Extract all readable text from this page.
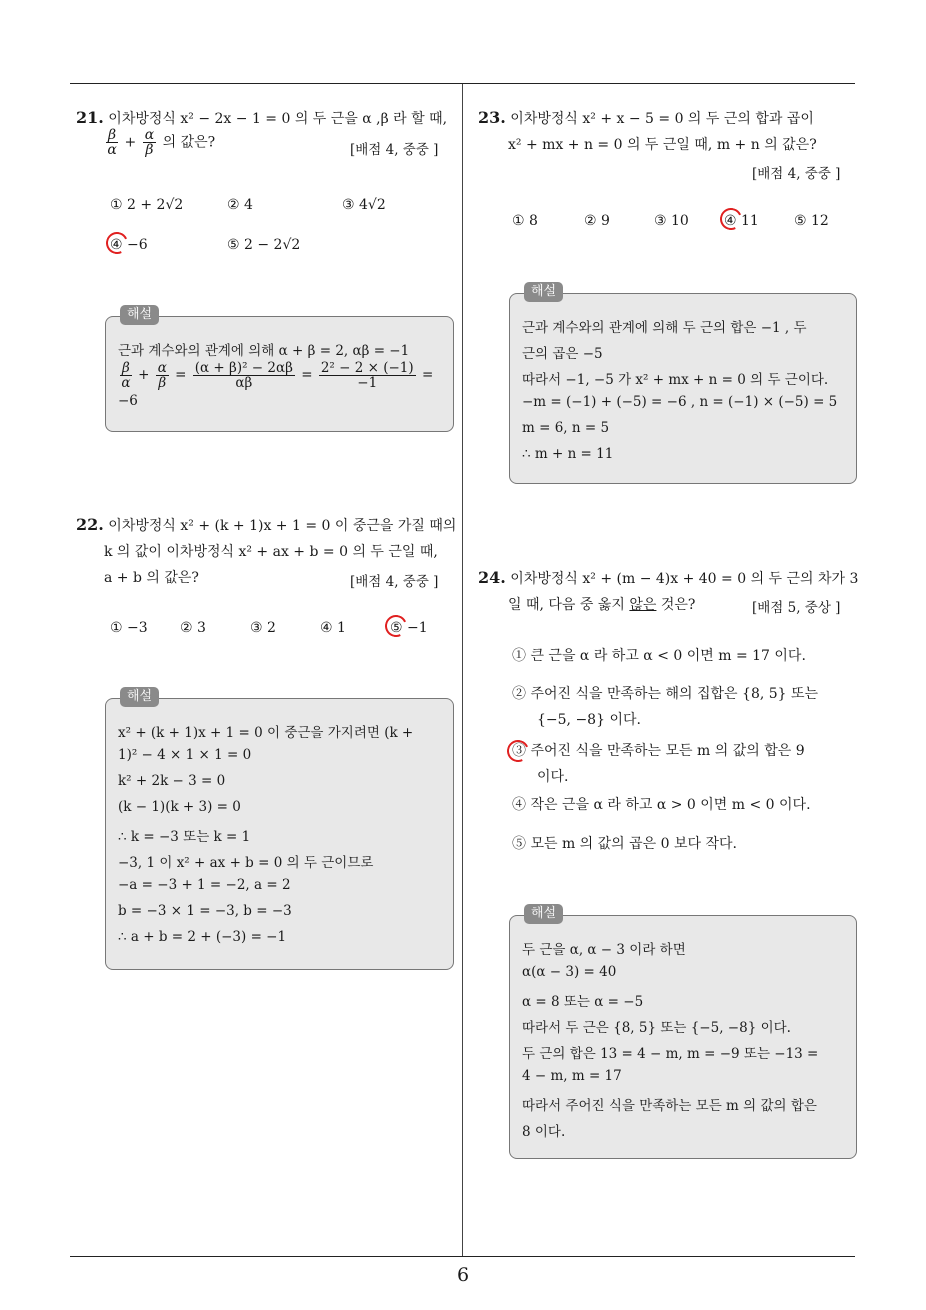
21. 이차방정식 x² − 2x − 1 = 0 의 두 근을 α ,β 라 할 때,
$\frac{\beta}{\alpha} + \frac{\alpha}{\beta}$ 의 값은?	[배점 4, 중중 ]
① 2 + 2√2	② 4	③ 4√2
④ −6	⑤ 2 − 2√2
해설
근과 계수와의 관계에 의해 α + β = 2, αβ = −1
$\frac{\beta}{\alpha} + \frac{\alpha}{\beta} = \frac{\text{(α + β)² − 2αβ}}{\alpha\beta} = \frac{\text{2² − 2 × (−1)}}{-1}$ =
−6
22. 이차방정식 x² + (k + 1)x + 1 = 0 이 중근을 가질 때의
k 의 값이 이차방정식 x² + ax + b = 0 의 두 근일 때,
a + b 의 값은?	[배점 4, 중중 ]
① −3 ② 3	③ 2	④ 1	⑤ −1
해설
x² + (k + 1)x + 1 = 0 이 중근을 가지려면 (k +
1)² − 4 × 1 × 1 = 0
k² + 2k − 3 = 0
(k − 1)(k + 3) = 0
∴ k = −3 또는 k = 1
−3, 1 이 x² + ax + b = 0 의 두 근이므로
−a = −3 + 1 = −2, a = 2
b = −3 × 1 = −3, b = −3
∴ a + b = 2 + (−3) = −1
23. 이차방정식 x² + x − 5 = 0 의 두 근의 합과 곱이
x² + mx + n = 0 의 두 근일 때, m + n 의 값은?
[배점 4, 중중 ]
① 8	② 9	③ 10	④ 11	⑤ 12
해설
근과 계수와의 관계에 의해 두 근의 합은 −1 , 두
근의 곱은 −5
따라서 −1, −5 가 x² + mx + n = 0 의 두 근이다.
−m = (−1) + (−5) = −6 , n = (−1) × (−5) = 5
m = 6, n = 5
∴ m + n = 11
24. 이차방정식 x² + (m − 4)x + 40 = 0 의 두 근의 차가 3
일 때, 다음 중 옳지 않은 것은?	[배점 5, 중상 ]
① 큰 근을 α 라 하고 α < 0 이면 m = 17 이다.
② 주어진 식을 만족하는 해의 집합은 {8, 5} 또는
{−5, −8} 이다.
③ 주어진 식을 만족하는 모든 m 의 값의 합은 9
이다.
④ 작은 근을 α 라 하고 α > 0 이면 m < 0 이다.
⑤ 모든 m 의 값의 곱은 0 보다 작다.
해설
두 근을 α, α − 3 이라 하면
α(α − 3) = 40
α = 8 또는 α = −5
따라서 두 근은 {8, 5} 또는 {−5, −8} 이다.
두 근의 합은 13 = 4 − m, m = −9 또는 −13 =
4 − m, m = 17
따라서 주어진 식을 만족하는 모든 m 의 값의 합은
8 이다.
6
